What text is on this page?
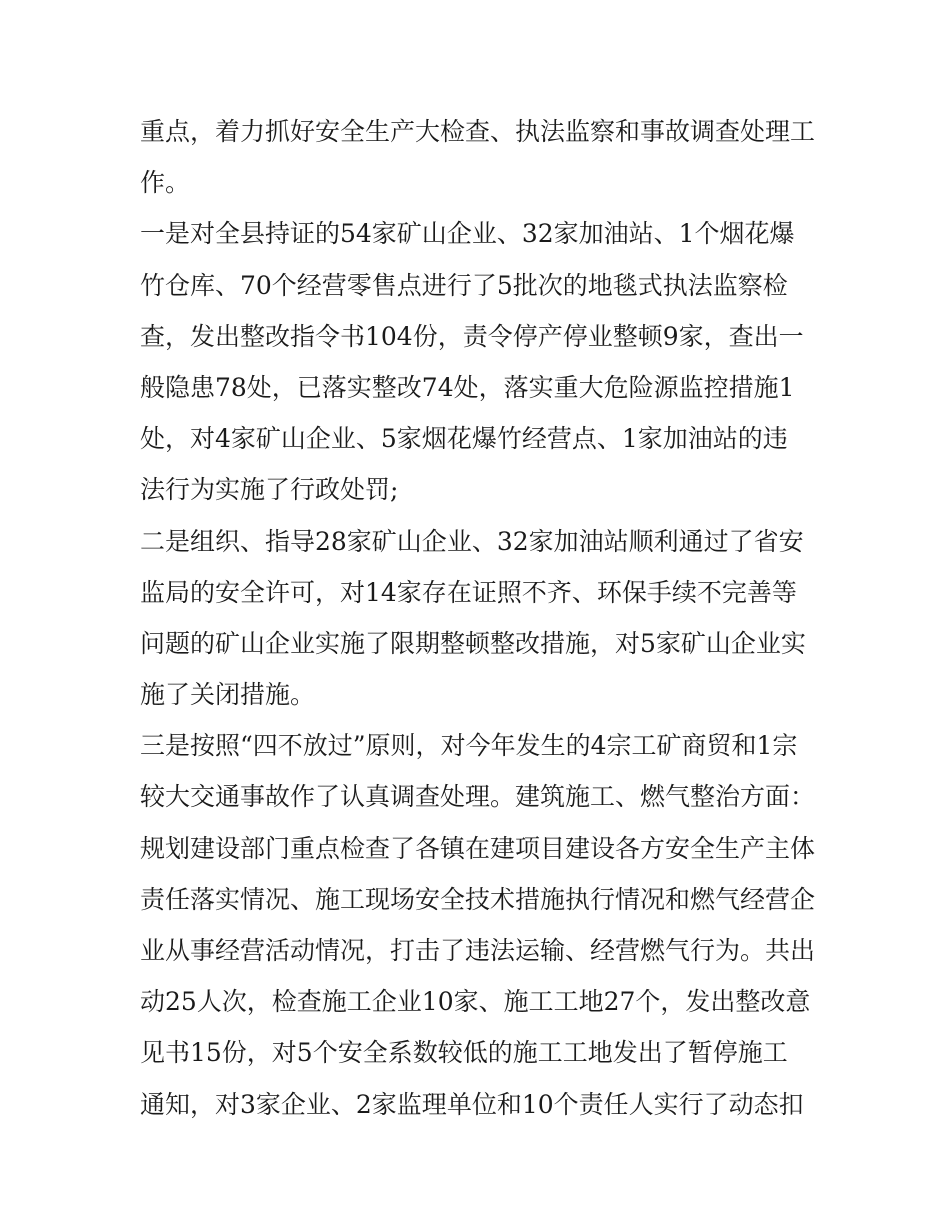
重点，着力抓好安全生产大检查、执法监察和事故调查处理工
作。
一是对全县持证的54家矿山企业、32家加油站、1个烟花爆
竹仓库、70个经营零售点进行了5批次的地毯式执法监察检
查，发出整改指令书104份，责令停产停业整顿9家，查出一
般隐患78处，已落实整改74处，落实重大危险源监控措施1
处，对4家矿山企业、5家烟花爆竹经营点、1家加油站的违
法行为实施了行政处罚;
二是组织、指导28家矿山企业、32家加油站顺利通过了省安
监局的安全许可，对14家存在证照不齐、环保手续不完善等
问题的矿山企业实施了限期整顿整改措施，对5家矿山企业实
施了关闭措施。
三是按照“四不放过”原则，对今年发生的4宗工矿商贸和1宗
较大交通事故作了认真调查处理。建筑施工、燃气整治方面：
规划建设部门重点检查了各镇在建项目建设各方安全生产主体
责任落实情况、施工现场安全技术措施执行情况和燃气经营企
业从事经营活动情况，打击了违法运输、经营燃气行为。共出
动25人次，检查施工企业10家、施工工地27个，发出整改意
见书15份，对5个安全系数较低的施工工地发出了暂停施工
通知，对3家企业、2家监理单位和10个责任人实行了动态扣
